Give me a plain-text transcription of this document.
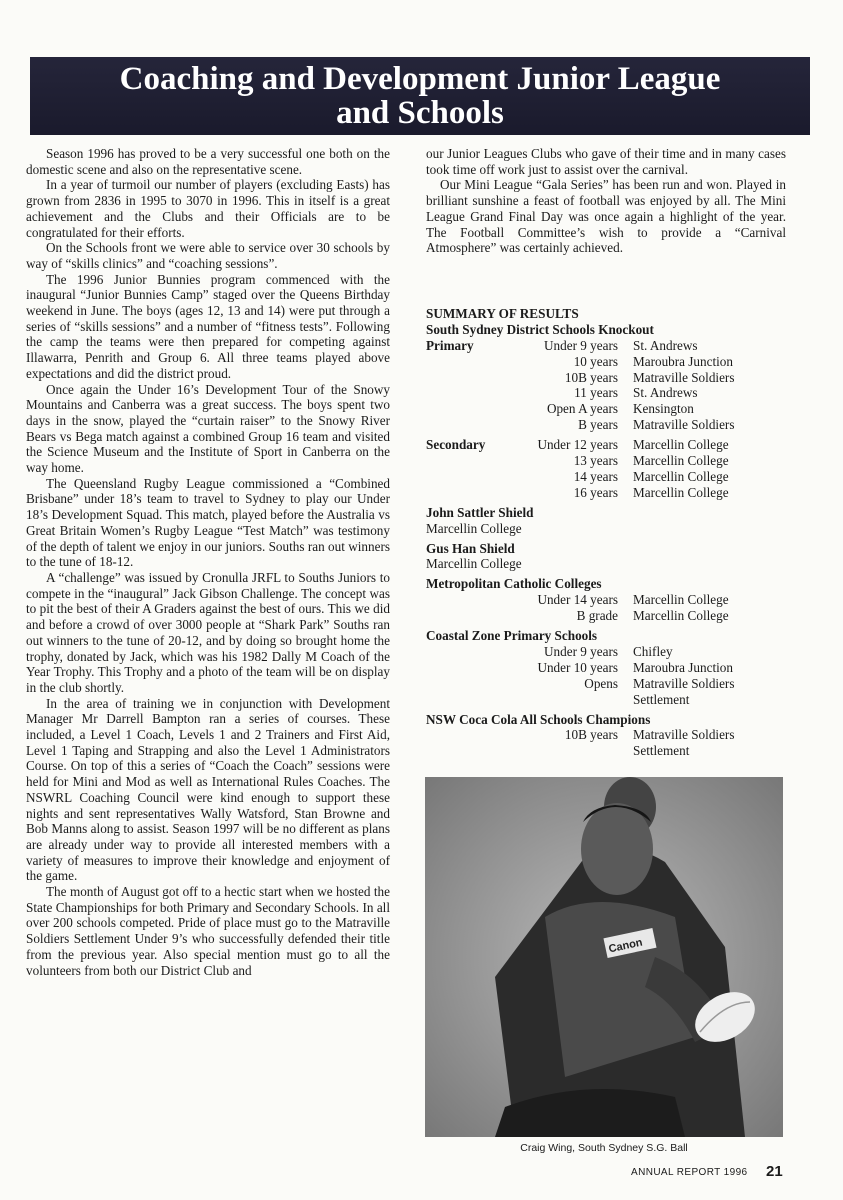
Coaching and Development Junior League
and Schools

Season 1996 has proved to be a very successful one both on the domestic scene and also on the representative scene.

In a year of turmoil our number of players (excluding Easts) has grown from 2836 in 1995 to 3070 in 1996. This in itself is a great achievement and the Clubs and their Officials are to be congratulated for their efforts.

On the Schools front we were able to service over 30 schools by way of “skills clinics” and “coaching sessions”.

The 1996 Junior Bunnies program commenced with the inaugural “Junior Bunnies Camp” staged over the Queens Birthday weekend in June. The boys (ages 12, 13 and 14) were put through a series of “skills sessions” and a number of “fitness tests”. Following the camp the teams were then prepared for competing against Illawarra, Penrith and Group 6. All three teams played above expectations and did the district proud.

Once again the Under 16’s Development Tour of the Snowy Mountains and Canberra was a great success. The boys spent two days in the snow, played the “curtain raiser” to the Snowy River Bears vs Bega match against a combined Group 16 team and visited the Science Museum and the Institute of Sport in Canberra on the way home.

The Queensland Rugby League commissioned a “Combined Brisbane” under 18’s team to travel to Sydney to play our Under 18’s Development Squad. This match, played before the Australia vs Great Britain Women’s Rugby League “Test Match” was testimony of the depth of talent we enjoy in our juniors. Souths ran out winners to the tune of 18-12.

A “challenge” was issued by Cronulla JRFL to Souths Juniors to compete in the “inaugural” Jack Gibson Challenge. The concept was to pit the best of their A Graders against the best of ours. This we did and before a crowd of over 3000 people at “Shark Park” Souths ran out winners to the tune of 20-12, and by doing so brought home the trophy, donated by Jack, which was his 1982 Dally M Coach of the Year Trophy. This Trophy and a photo of the team will be on display in the club shortly.

In the area of training we in conjunction with Development Manager Mr Darrell Bampton ran a series of courses. These included, a Level 1 Coach, Levels 1 and 2 Trainers and First Aid, Level 1 Taping and Strapping and also the Level 1 Administrators Course. On top of this a series of “Coach the Coach” sessions were held for Mini and Mod as well as International Rules Coaches. The NSWRL Coaching Council were kind enough to support these nights and sent representatives Wally Watsford, Stan Browne and Bob Manns along to assist. Season 1997 will be no different as plans are already under way to provide all interested members with a variety of measures to improve their knowledge and enjoyment of the game.

The month of August got off to a hectic start when we hosted the State Championships for both Primary and Secondary Schools. In all over 200 schools competed. Pride of place must go to the Matraville Soldiers Settlement Under 9’s who successfully defended their title from the previous year. Also special mention must go to all the volunteers from both our District Club and

our Junior Leagues Clubs who gave of their time and in many cases took time off work just to assist over the carnival.

Our Mini League “Gala Series” has been run and won. Played in brilliant sunshine a feast of football was enjoyed by all. The Mini League Grand Final Day was once again a highlight of the year. The Football Committee’s wish to provide a “Carnival Atmosphere” was certainly achieved.

SUMMARY OF RESULTS

South Sydney District Schools Knockout

Primary	Under 9 years St. Andrews
10 years Maroubra Junction
10B years Matraville Soldiers
11 years St. Andrews
Open A years Kensington
B years Matraville Soldiers
Secondary	Under 12 years Marcellin College
13 years Marcellin College
14 years Marcellin College
16 years Marcellin College

John Sattler Shield

Marcellin College

Gus Han Shield

Marcellin College

Metropolitan Catholic Colleges

Under 14 years Marcellin College
B grade Marcellin College

Coastal Zone Primary Schools

Under 9 years Chifley
Under 10 years Maroubra Junction
Opens Matraville Soldiers
Settlement

NSW Coca Cola All Schools Champions

10B years Matraville Soldiers
Settlement
Canon
Craig Wing, South Sydney S.G. Ball
ANNUAL REPORT 1996 21
